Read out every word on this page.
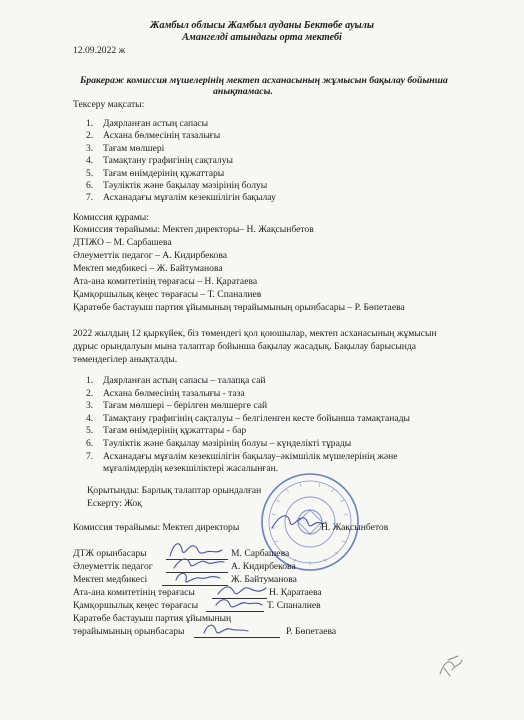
Жамбыл облысы Жамбыл ауданы Бектөбе ауылы
Амангелді атындағы орта мектебі
12.09.2022 ж
Бракераж комиссия мүшелерінің мектеп асханасының жұмысын бақылау бойынша
анықтамасы.
Тексеру мақсаты:
1. Даярланған астың сапасы
2. Асхана бөлмесінің тазалығы
3. Тағам мөлшері
4. Тамақтану графигінің сақталуы
5. Тағам өнімдерінің құжаттары
6. Тәуліктік және бақылау мәзірінің болуы
7. Асханадағы мұғалім кезекшілігін бақылау
Комиссия құрамы:
Комиссия төрайымы: Мектеп директоры– Н. Жақсынбетов
ДТІЖО – М. Сарбашева
Әлеуметтік педагог – А. Кидирбекова
Мектеп медбикесі – Ж. Байтуманова
Ата-ана комитетінің төрағасы – Н. Қаратаева
Қамқоршылық кеңес төрағасы – Т. Спаналиев
Қаратөбе бастауыш партия ұйымының төрайымының орынбасары – Р. Бөпетаева
2022 жылдың 12 қыркүйек, біз төмендегі қол қоюшылар, мектеп асханасының жұмысын
дұрыс орындалуын мына талаптар бойынша бақылау жасадық. Бақылау барысында
төмендегілер анықталды.
1. Даярланған астың сапасы – талапқа сай
2. Асхана бөлмесінің тазалығы - таза
3. Тағам мөлшері – берілген мөлшерге сай
4. Тамақтану графигінің сақталуы – белгіленген кесте бойынша тамақтанады
5. Тағам өнімдерінің құжаттары - бар
6. Тәуліктік және бақылау мәзірінің болуы – күнделікті тұрады
7. Асханадағы мұғалім кезекшілігін бақылау–әкімшілік мүшелерінің және
мұғалімдердің кезекшіліктері жасалынған.
Қорытынды: Барлық талаптар орындалған
Ескерту: Жоқ
Комиссия төрайымы: Мектеп директоры	Н. Жақсынбетов
ДТЖ орынбасары	М. Сарбашева
Әлеуметтік педагог	А. Кидирбекова
Мектеп медбикесі	Ж. Байтуманова
Ата-ана комитетінің төрағасы	Н. Қаратаева
Қамқоршылық кеңес төрағасы	Т. Спаналиев
Қаратөбе бастауыш партия ұйымының
төрайымының орынбасары	Р. Бөпетаева
